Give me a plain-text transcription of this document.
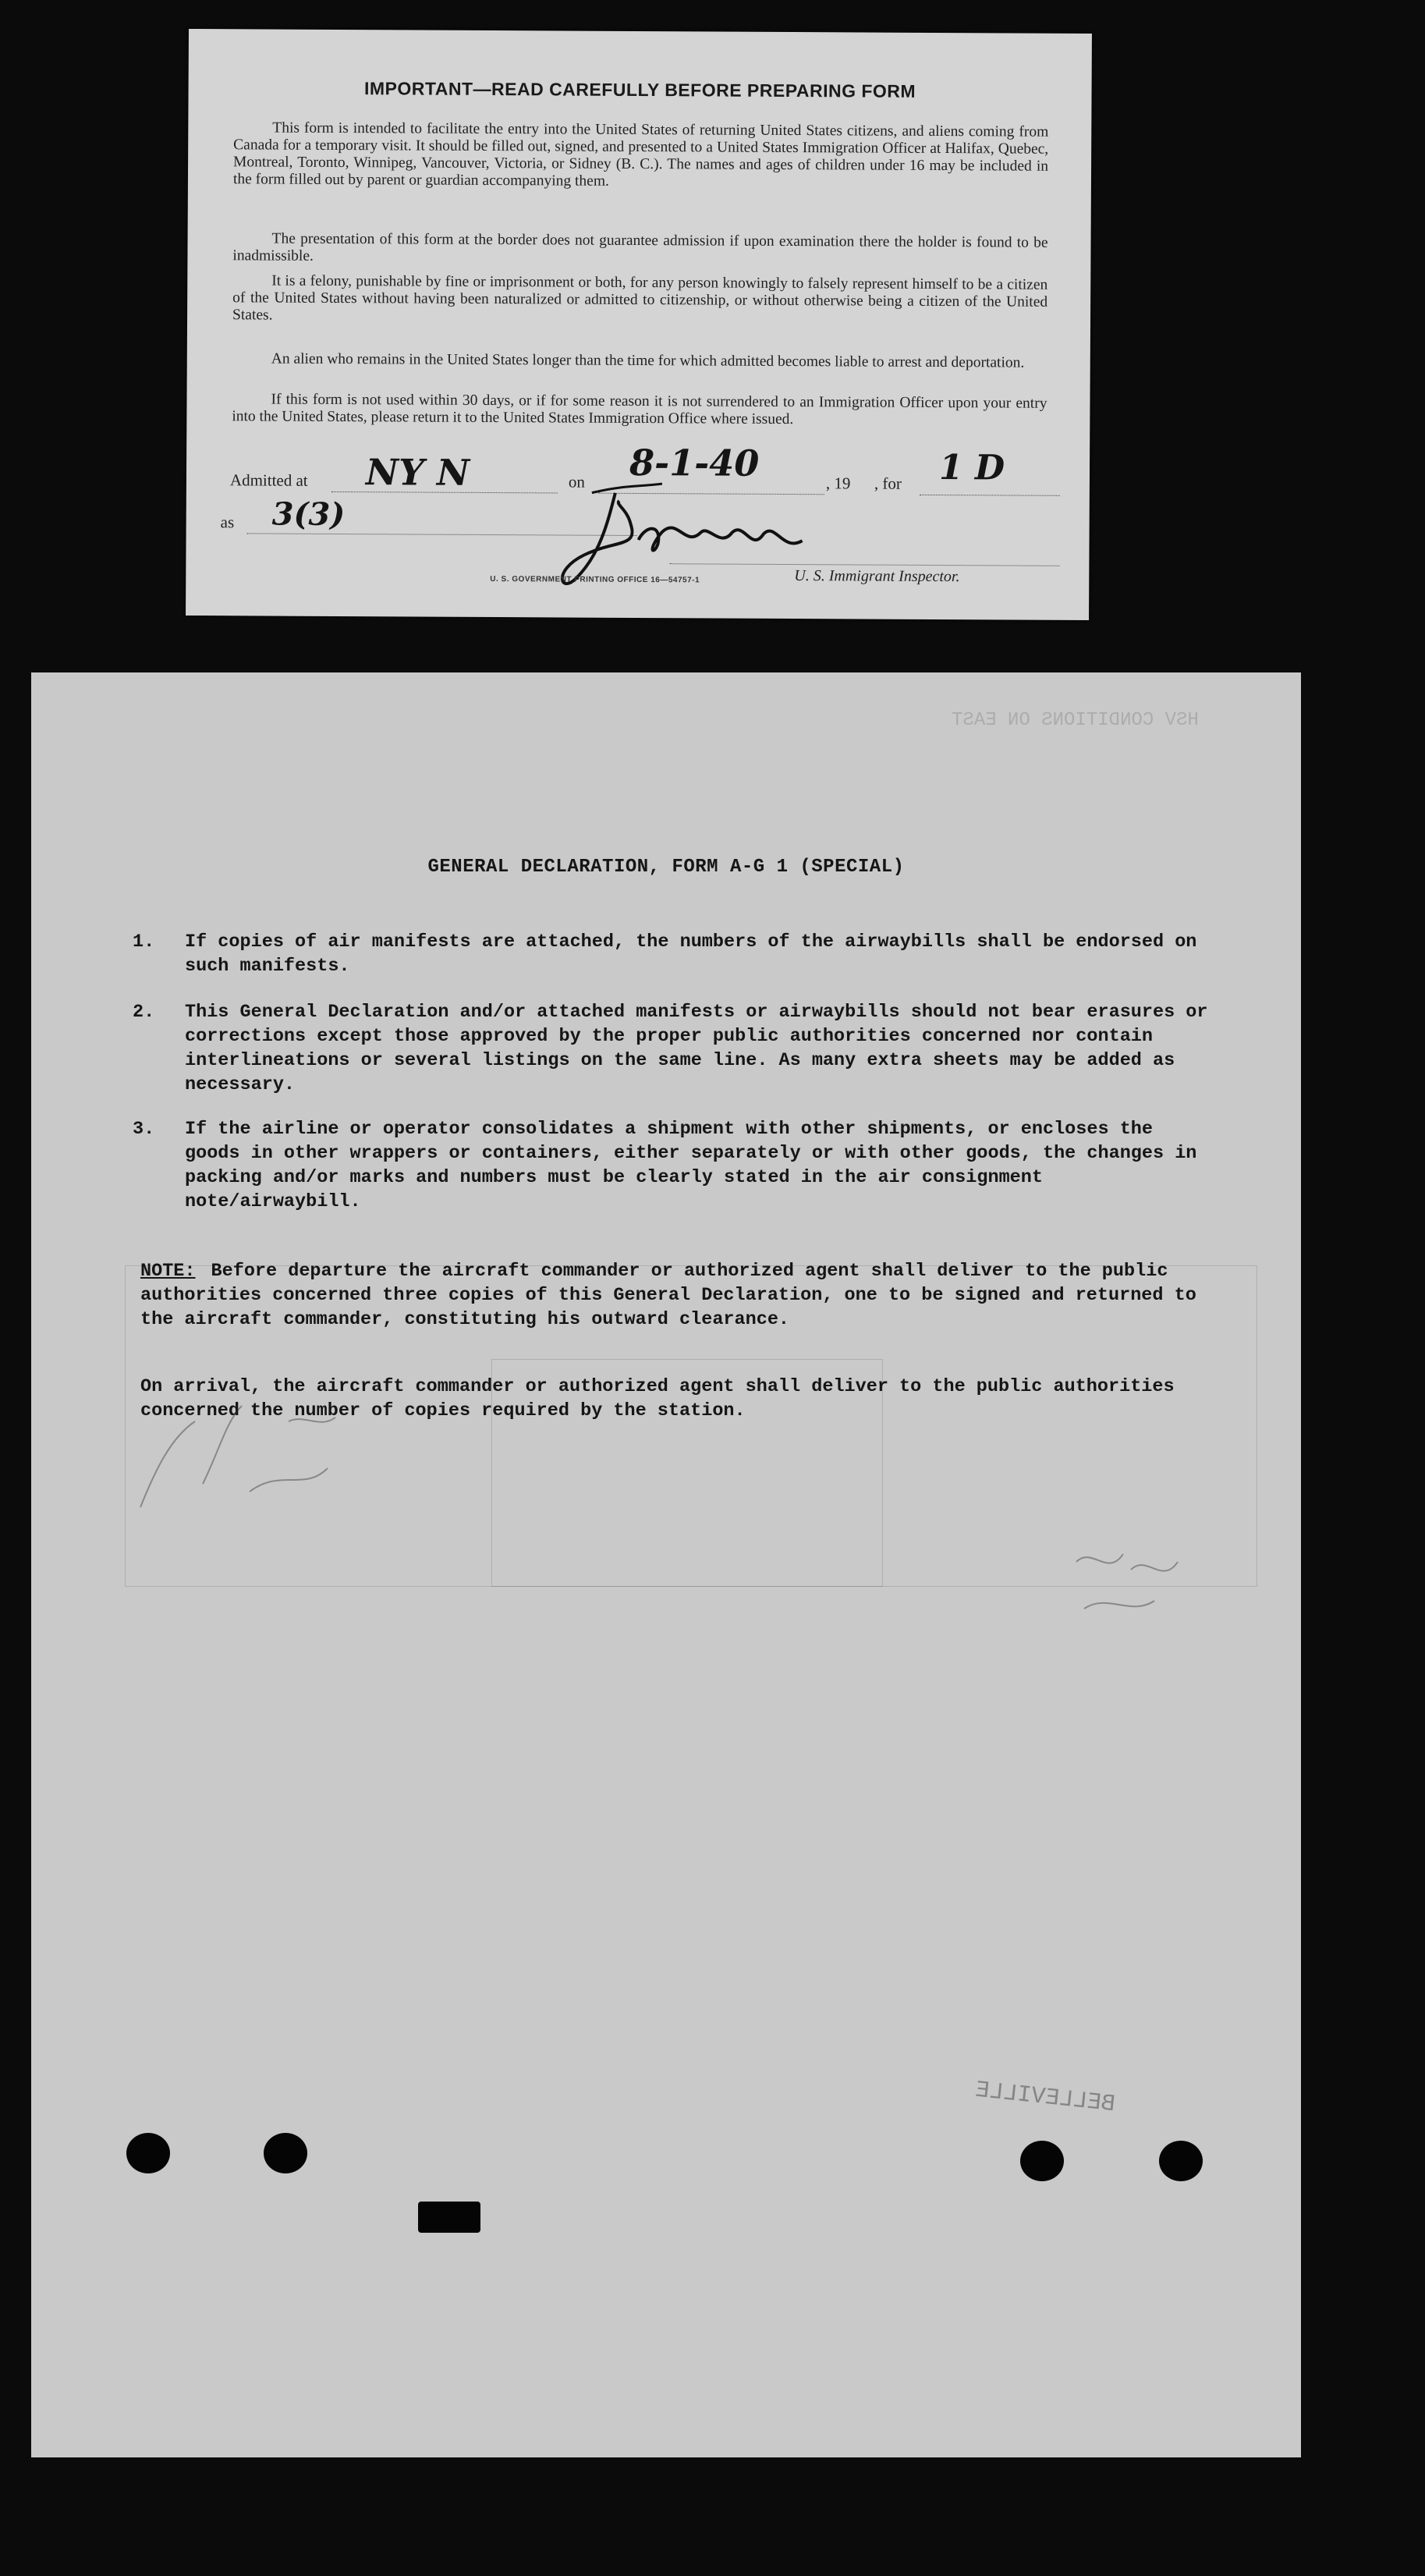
IMPORTANT—READ CAREFULLY BEFORE PREPARING FORM

This form is intended to facilitate the entry into the United States of returning United States citizens, and aliens coming from Canada for a temporary visit. It should be filled out, signed, and presented to a United States Immigration Officer at Halifax, Quebec, Montreal, Toronto, Winnipeg, Vancouver, Victoria, or Sidney (B. C.). The names and ages of children under 16 may be included in the form filled out by parent or guardian accompanying them.

The presentation of this form at the border does not guarantee admission if upon examination there the holder is found to be inadmissible.

It is a felony, punishable by fine or imprisonment or both, for any person knowingly to falsely represent himself to be a citizen of the United States without having been naturalized or admitted to citizenship, or without otherwise being a citizen of the United States.

An alien who remains in the United States longer than the time for which admitted becomes liable to arrest and deportation.

If this form is not used within 30 days, or if for some reason it is not surrendered to an Immigration Officer upon your entry into the United States, please return it to the United States Immigration Office where issued.

Admitted at NY N	on 8-1-40	, 19 , for 1 D
as 3(3)
U. S. GOVERNMENT PRINTING OFFICE 16—54757-1	U. S. Immigrant Inspector.
HSV CONDITIONS ON EAST
BELLEVILLE
GENERAL DECLARATION, FORM A-G 1 (SPECIAL)
1. If copies of air manifests are attached, the numbers of the airwaybills shall be endorsed on such manifests.
2. This General Declaration and/or attached manifests or airwaybills should not bear erasures or corrections except those approved by the proper public authorities concerned nor contain interlineations or several listings on the same line. As many extra sheets may be added as necessary.
3. If the airline or operator consolidates a shipment with other shipments, or encloses the goods in other wrappers or containers, either separately or with other goods, the changes in packing and/or marks and numbers must be clearly stated in the air consignment note/airwaybill.
NOTE: Before departure the aircraft commander or authorized agent shall deliver to the public authorities concerned three copies of this General Declaration, one to be signed and returned to the aircraft commander, constituting his outward clearance.
On arrival, the aircraft commander or authorized agent shall deliver to the public authorities concerned the number of copies required by the station.
